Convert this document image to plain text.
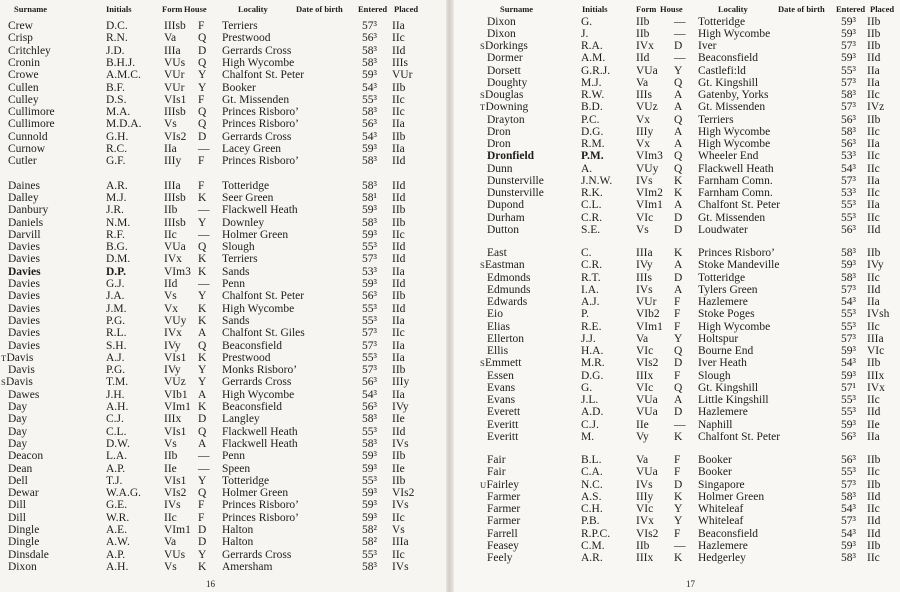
Surname	Initials	Form House	Locality	Date of birth Entered Placed
Crew	D.C.	IIIsb F Terriers	57³ IIa
Crisp	R.N.	Va Q Prestwood	56³ IIc
Critchley	J.D.	IIIa D Gerrards Cross	58³ IId
Cronin	B.H.J.	VUs Q High Wycombe	58³ IIIs
Crowe	A.M.C. VUr Y Chalfont St. Peter	59³ VUr
Cullen	B.F.	VUr Y Booker	54³ IIb
Culley	D.S.	VIs1 F Gt. Missenden	55³ IIc
Cullimore	M.A.	IIIsb Q Princes Risboro’	58³ IIc
Cullimore	M.D.A. Vs Q Princes Risboro’	56³ IIa
Cunnold	G.H.	VIs2 D Gerrards Cross	54³ IIb
Curnow	R.C.	IIa — Lacey Green	59³ IIa
Cutler	G.F.	IIIy F Princes Risboro’	58³ IId
Daines	A.R.	IIIa F Totteridge	58³ IId
Dalley	M.J.	IIIsb K Seer Green	58¹ IId
Danbury	J.R.	IIb — Flackwell Heath	59³ IIb
Daniels	N.M.	IIIsb Y Downley	58³ IIb
Darvill	R.F.	IIc — Holmer Green	59³ IIc
Davies	B.G.	VUa Q Slough	55³ IId
Davies	D.M.	IVx K Terriers	57³ IId
Davies	D.P.	VIm3 K Sands	53³ IIa
Davies	G.J.	IId — Penn	59³ IId
Davies	J.A.	Vs Y Chalfont St. Peter	56³ IIb
Davies	J.M.	Vx K High Wycombe	55³ IId
Davies	P.G.	VUy K Sands	55³ IIa
Davies	R.L.	IVx A Chalfont St. Giles	57³ IIc
Davies	S.H.	IVy Q Beaconsfield	57³ IIa
TDavis	A.J.	VIs1 K Prestwood	55³ IIa
Davis	P.G.	IVy Y Monks Risboro’	57³ IIb
SDavis	T.M.	VUz Y Gerrards Cross	56³ IIIy
Dawes	J.H.	VIb1 A High Wycombe	54³ IIa
Day	A.H.	VIm1 K Beaconsfield	56³ IVy
Day	C.J.	IIIx D Langley	58³ IIe
Day	C.L.	VIs1 Q Flackwell Heath	55³ IId
Day	D.W.	Vs A Flackwell Heath	58³ IVs
Deacon	L.A.	IIb — Penn	59³ IIb
Dean	A.P.	IIe — Speen	59³ IIe
Dell	T.J.	VIs1 Y Totteridge	55³ IIb
Dewar	W.A.G. VIs2 Q Holmer Green	59³ VIs2
Dill	G.E.	IVs F Princes Risboro’	59³ IVs
Dill	W.R.	IIc F Princes Risboro’	59³ IIc
Dingle	A.E.	VIm1 D Halton	58² Vs
Dingle	A.W.	Va D Halton	58² IIIa
Dinsdale	A.P.	VUs Y Gerrards Cross	55³ IIc
Dixon	A.H.	Vs K Amersham	58³ IVs
16
Surname	Initials	Form House	Locality	Date of birth Entered Placed
Dixon	G.	IIb — Totteridge	59³ IIb
Dixon	J.	IIb — High Wycombe	59³ IIb
SDorkings	R.A.	IVx D Iver	57³ IIb
Dormer	A.M.	IId — Beaconsfield	59³ IId
Dorsett	G.R.J. VUa Y Castlefi:ld	55³ IIa
Doughty	M.J.	Va Q Gt. Kingshill	57³ IIa
SDouglas	R.W.	IIIs A Gatenby, Yorks	58³ IIc
TDowning	B.D.	VUz A Gt. Missenden	57³ IVz
Drayton	P.C.	Vx Q Terriers	56³ IIb
Dron	D.G.	IIIy A High Wycombe	58³ IIc
Dron	R.M.	Vx A High Wycombe	56³ IIa
Dronfield	P.M.	VIm3 Q Wheeler End	53³ IIc
Dunn	A.	VUy Q Flackwell Heath	54³ IIc
Dunsterville	J.N.W. IVs K Farnham Comn.	57³ IIa
Dunsterville	R.K.	VIm2 K Farnham Comn.	53³ IIc
Dupond	C.L.	VIm1 A Chalfont St. Peter	55³ IIa
Durham	C.R.	VIc D Gt. Missenden	55³ IIc
Dutton	S.E.	Vs D Loudwater	56³ IId
East	C.	IIIa K Princes Risboro’	58³ IIb
SEastman	C.R.	IVy A Stoke Mandeville	59³ IVy
Edmonds	R.T.	IIIs D Totteridge	58³ IIc
Edmunds	I.A.	IVs A Tylers Green	57³ IId
Edwards	A.J.	VUr F Hazlemere	54³ IIa
Eio	P.	VIb2 F Stoke Poges	55³ IVsh
Elias	R.E.	VIm1 F High Wycombe	55³ IIc
Ellerton	J.J.	Va Y Holtspur	57³ IIIa
Ellis	H.A.	VIc Q Bourne End	59³ VIc
SEmmett	M.R.	VIs2 D Iver Heath	54³ IIb
Essen	D.G.	IIIx F Slough	59³ IIIx
Evans	G.	VIc Q Gt. Kingshill	57¹ IVx
Evans	J.L.	VUa A Little Kingshill	55³ IIc
Everett	A.D.	VUa D Hazlemere	55³ IId
Everitt	C.J.	IIe — Naphill	59³ IIe
Everitt	M.	Vy K Chalfont St. Peter	56³ IIa
Fair	B.L.	Va F Booker	56³ IIb
Fair	C.A.	VUa F Booker	55³ IIc
UFairley	N.C.	IVs D Singapore	57³ IIb
Farmer	A.S.	IIIy K Holmer Green	58³ IId
Farmer	C.H.	VIc Y Whiteleaf	54³ IIc
Farmer	P.B.	IVx Y Whiteleaf	57³ IId
Farrell	R.P.C. VIs2 F Beaconsfield	54³ IId
Feasey	C.M.	IIb — Hazlemere	59³ IIb
Feely	A.R.	IIIx K Hedgerley	58³ IIc
17
